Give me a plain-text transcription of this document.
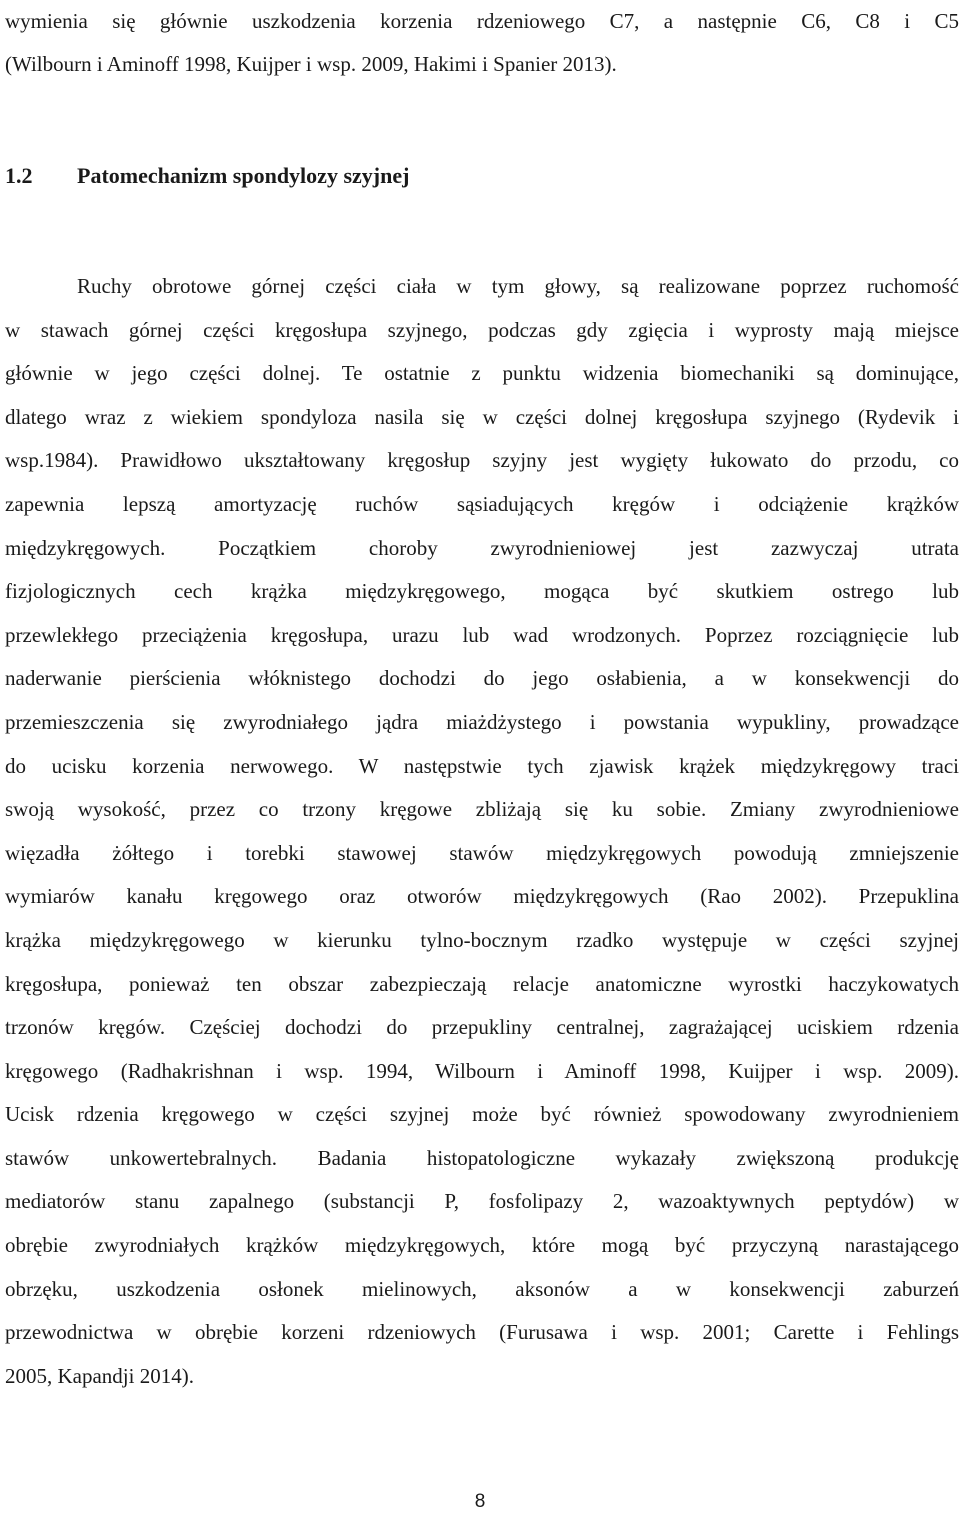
wymienia się głównie uszkodzenia korzenia rdzeniowego C7, a następnie C6, C8 i C5
(Wilbourn i Aminoff 1998, Kuijper i wsp. 2009, Hakimi i Spanier 2013).
1.2 Patomechanizm spondylozy szyjnej
Ruchy obrotowe górnej części ciała w tym głowy, są realizowane poprzez ruchomość
w stawach górnej części kręgosłupa szyjnego, podczas gdy zgięcia i wyprosty mają miejsce
głównie w jego części dolnej. Te ostatnie z punktu widzenia biomechaniki są dominujące,
dlatego wraz z wiekiem spondyloza nasila się w części dolnej kręgosłupa szyjnego (Rydevik i
wsp.1984). Prawidłowo ukształtowany kręgosłup szyjny jest wygięty łukowato do przodu, co
zapewnia lepszą amortyzację ruchów sąsiadujących kręgów i odciążenie krążków
międzykręgowych. Początkiem choroby zwyrodnieniowej jest zazwyczaj utrata
fizjologicznych cech krążka międzykręgowego, mogąca być skutkiem ostrego lub
przewlekłego przeciążenia kręgosłupa, urazu lub wad wrodzonych. Poprzez rozciągnięcie lub
naderwanie pierścienia włóknistego dochodzi do jego osłabienia, a w konsekwencji do
przemieszczenia się zwyrodniałego jądra miażdżystego i powstania wypukliny, prowadzące
do ucisku korzenia nerwowego. W następstwie tych zjawisk krążek międzykręgowy traci
swoją wysokość, przez co trzony kręgowe zbliżają się ku sobie. Zmiany zwyrodnieniowe
więzadła żółtego i torebki stawowej stawów międzykręgowych powodują zmniejszenie
wymiarów kanału kręgowego oraz otworów międzykręgowych (Rao 2002). Przepuklina
krążka międzykręgowego w kierunku tylno-bocznym rzadko występuje w części szyjnej
kręgosłupa, ponieważ ten obszar zabezpieczają relacje anatomiczne wyrostki haczykowatych
trzonów kręgów. Częściej dochodzi do przepukliny centralnej, zagrażającej uciskiem rdzenia
kręgowego (Radhakrishnan i wsp. 1994, Wilbourn i Aminoff 1998, Kuijper i wsp. 2009).
Ucisk rdzenia kręgowego w części szyjnej może być również spowodowany zwyrodnieniem
stawów unkowertebralnych. Badania histopatologiczne wykazały zwiększoną produkcję
mediatorów stanu zapalnego (substancji P, fosfolipazy 2, wazoaktywnych peptydów) w
obrębie zwyrodniałych krążków międzykręgowych, które mogą być przyczyną narastającego
obrzęku, uszkodzenia osłonek mielinowych, aksonów a w konsekwencji zaburzeń
przewodnictwa w obrębie korzeni rdzeniowych (Furusawa i wsp. 2001; Carette i Fehlings
2005, Kapandji 2014).
8
